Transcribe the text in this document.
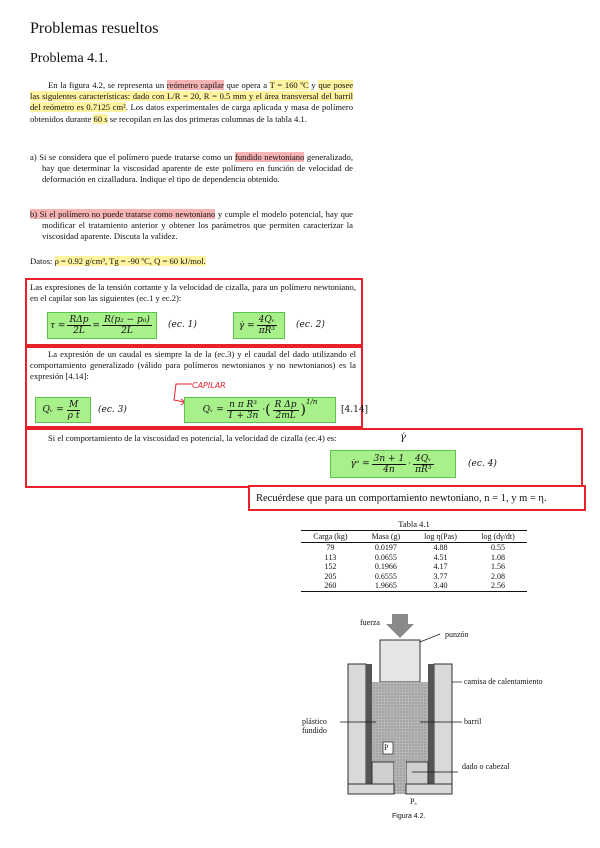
Problemas resueltos
Problema 4.1.
En la figura 4.2, se representa un reómetro capilar que opera a T = 160 ºC y que posee las siguientes características: dado con L/R = 20, R = 0.5 mm y el área transversal del barril del reómetro es 0.7125 cm². Los datos experimentales de carga aplicada y masa de polímero obtenidos durante 60 s se recopilan en las dos primeras columnas de la tabla 4.1.
a) Si se considera que el polímero puede tratarse como un fundido newtoniano generalizado, hay que determinar la viscosidad aparente de este polímero en función de velocidad de deformación en cizalladura. Indique el tipo de dependencia obtenido.
b) Si el polímero no puede tratarse como newtoniano y cumple el modelo potencial, hay que modificar el tratamiento anterior y obtener los parámetros que permiten caracterizar la viscosidad aparente. Discuta la validez.
Datos: ρ = 0.92 g/cm³, Tg = -90 ºC, Q = 60 kJ/mol.
Las expresiones de la tensión cortante y la velocidad de cizalla, para un polímero newtoniano, en el capilar son las siguientes (ec.1 y ec.2):
$\tau = \frac{\text{RΔp}}{2L} = \frac{\text{R(p₂ − p₀)}}{2L} (ec$. 1)	γ̇ = $\frac{\text{4Qᵥ}}{\text{πR³}} (ec$. 2)
La expresión de un caudal es siempre la de la (ec.3) y el caudal del dado utilizando el comportamiento generalizado (válido para polímeros newtonianos y no newtonianos) es la expresión [4.14]:
Qᵥ = $\frac{M}{\text{ρ t}} (ec$. 3)
CAPILAR
Qᵥ = $\frac{\text{n π R³}}{1 + 3n}$ · ( $\frac{\text{R Δp}}{2mL} )^{1/n}$
[4.14]
Si el comportamiento de la viscosidad es potencial, la velocidad de cizalla (ec.4) es:	γ̇
γ̇ᵃ = $\frac{3n + 1}{4n} \cdot \frac{\text{4Qᵥ}}{\text{πR³}}$	(ec. 4)
Recuérdese que para un comportamiento newtoniano, n = 1, y m = η.
Tabla 4.1
Carga (kg)	Masa (g)	log η(Pas)	log (dγ/dt)
79	0.0197	4.88	0.55
113	0.0655	4.51	1.08
152	0.1966	4.17	1.56
205	0.6555	3.77	2.08
260	1.9665	3.40	2.56
fuerza
punzón
camisa de calentamiento
barril
plástico fundido
dado o cabezal
P
Pₐ
Figura 4.2.
